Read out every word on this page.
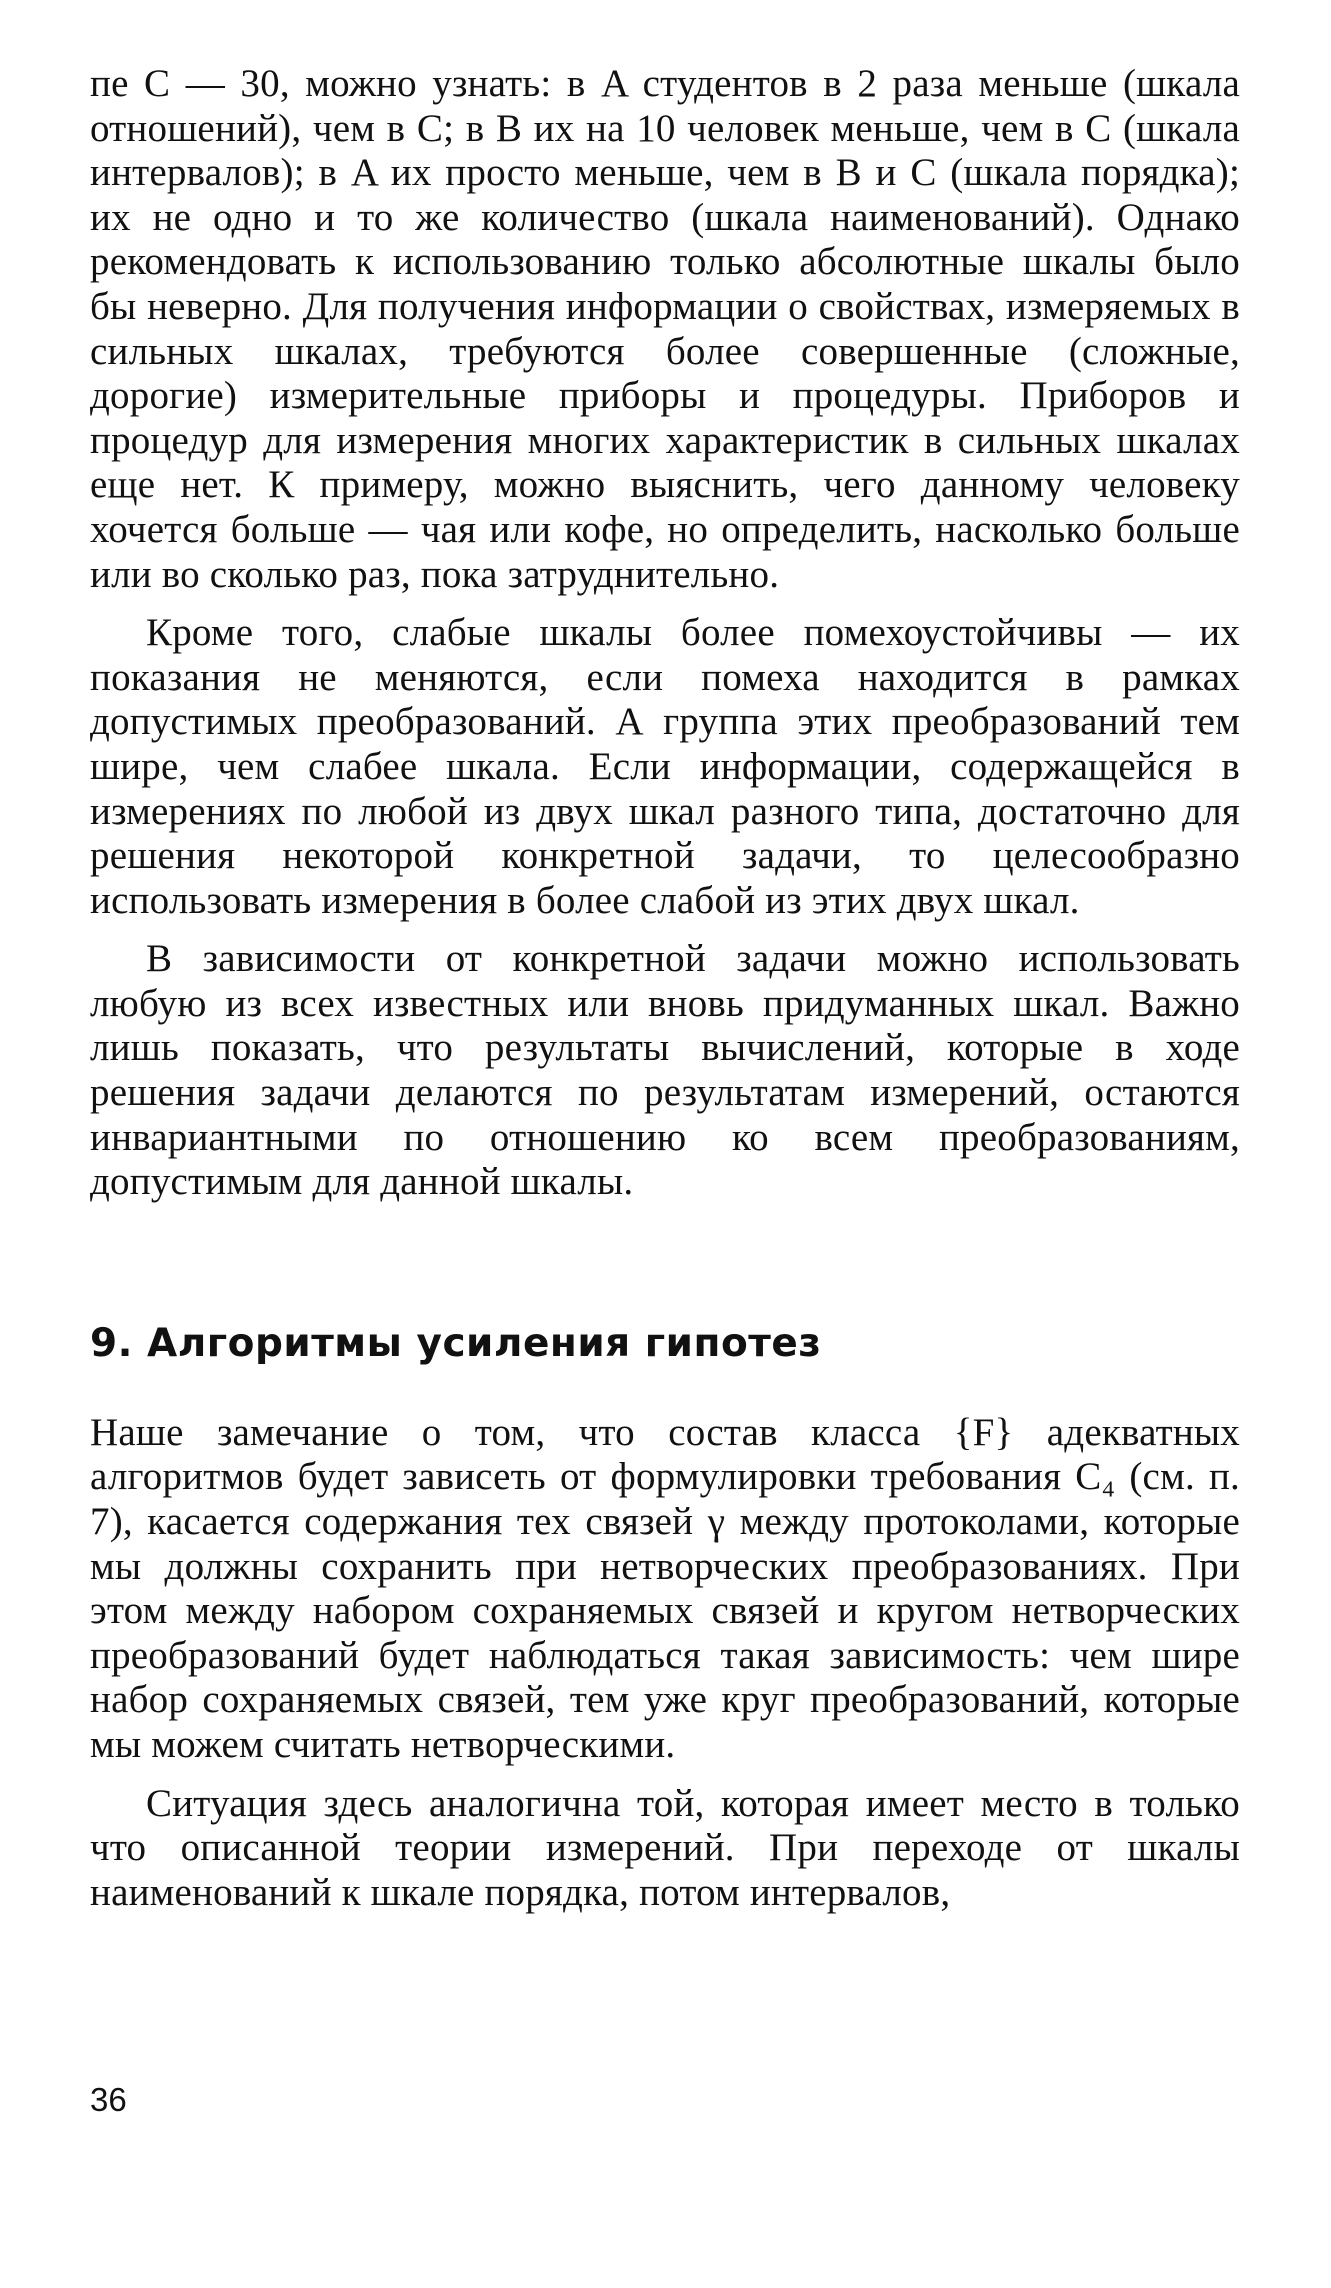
пе C — 30, можно узнать: в A студентов в 2 раза меньше (шкала отношений), чем в C; в B их на 10 человек меньше, чем в C (шкала интервалов); в A их просто меньше, чем в B и C (шкала порядка); их не одно и то же количество (шкала наименований). Однако рекомендовать к использованию только абсолютные шкалы было бы неверно. Для получения информации о свойствах, измеряемых в сильных шкалах, требуются более совершенные (сложные, дорогие) измерительные приборы и процедуры. Приборов и процедур для измерения многих характеристик в сильных шкалах еще нет. К примеру, можно выяснить, чего данному человеку хочется больше — чая или кофе, но определить, насколько больше или во сколько раз, пока затруднительно.

Кроме того, слабые шкалы более помехоустойчивы — их показания не меняются, если помеха находится в рамках допустимых преобразований. А группа этих преобразований тем шире, чем слабее шкала. Если информации, содержащейся в измерениях по любой из двух шкал разного типа, достаточно для решения некоторой конкретной задачи, то целесообразно использовать измерения в более слабой из этих двух шкал.

В зависимости от конкретной задачи можно использовать любую из всех известных или вновь придуманных шкал. Важно лишь показать, что результаты вычислений, которые в ходе решения задачи делаются по результатам измерений, остаются инвариантными по отношению ко всем преобразованиям, допустимым для данной шкалы.

9. Алгоритмы усиления гипотез

Наше замечание о том, что состав класса {F} адекватных алгоритмов будет зависеть от формулировки требования C₄ (см. п. 7), касается содержания тех связей γ между протоколами, которые мы должны сохранить при нетворческих преобразованиях. При этом между набором сохраняемых связей и кругом нетворческих преобразований будет наблюдаться такая зависимость: чем шире набор сохраняемых связей, тем уже круг преобразований, которые мы можем считать нетворческими.

Ситуация здесь аналогична той, которая имеет место в только что описанной теории измерений. При переходе от шкалы наименований к шкале порядка, потом интервалов,

36
